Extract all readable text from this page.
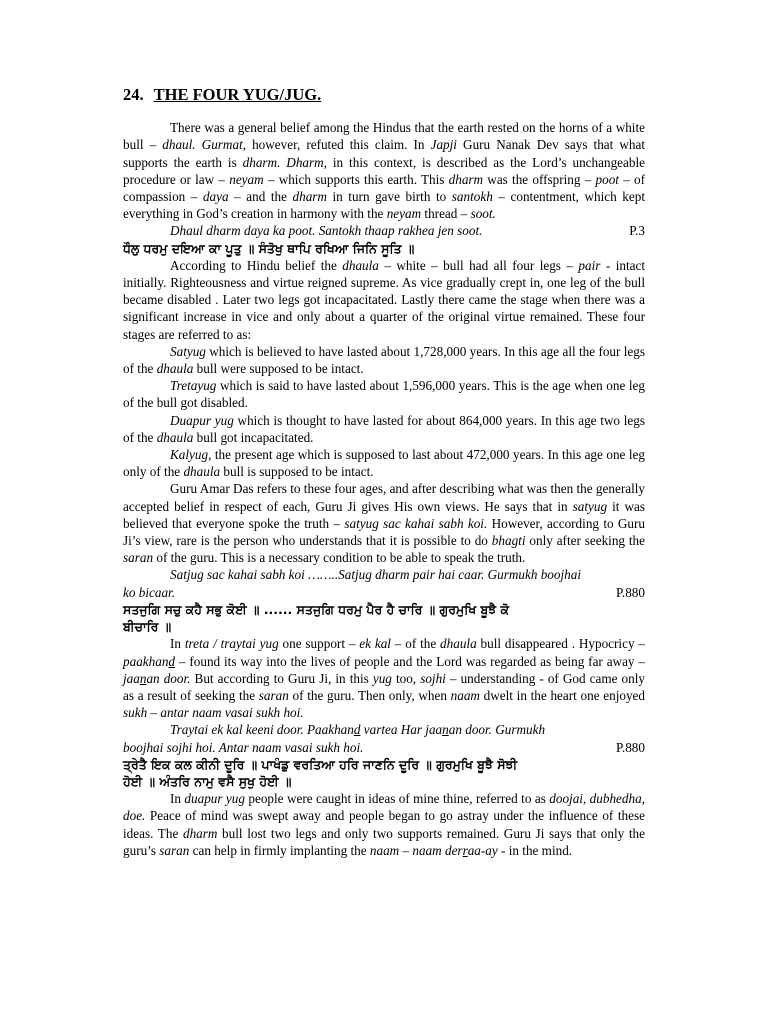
24. THE FOUR YUG/JUG.

There was a general belief among the Hindus that the earth rested on the horns of a white bull – dhaul. Gurmat, however, refuted this claim. In Japji Guru Nanak Dev says that what supports the earth is dharm. Dharm, in this context, is described as the Lord’s unchangeable procedure or law – neyam – which supports this earth. This dharm was the offspring – poot – of compassion – daya – and the dharm in turn gave birth to santokh – contentment, which kept everything in God’s creation in harmony with the neyam thread – soot.

Dhaul dharm daya ka poot. Santokh thaap rakhea jen soot.	P.3

ਧੌਲੁ ਧਰਮੁ ਦਇਆ ਕਾ ਪੂਤੁ ॥ ਸੰਤੋਖੁ ਥਾਪਿ ਰਖਿਆ ਜਿਨਿ ਸੂਤਿ ॥

According to Hindu belief the dhaula – white – bull had all four legs – pair - intact initially. Righteousness and virtue reigned supreme. As vice gradually crept in, one leg of the bull became disabled . Later two legs got incapacitated. Lastly there came the stage when there was a significant increase in vice and only about a quarter of the original virtue remained. These four stages are referred to as:

Satyug which is believed to have lasted about 1,728,000 years. In this age all the four legs of the dhaula bull were supposed to be intact.

Tretayug which is said to have lasted about 1,596,000 years. This is the age when one leg of the bull got disabled.

Duapur yug which is thought to have lasted for about 864,000 years. In this age two legs of the dhaula bull got incapacitated.

Kalyug, the present age which is supposed to last about 472,000 years. In this age one leg only of the dhaula bull is supposed to be intact.

Guru Amar Das refers to these four ages, and after describing what was then the generally accepted belief in respect of each, Guru Ji gives His own views. He says that in satyug it was believed that everyone spoke the truth – satyug sac kahai sabh koi. However, according to Guru Ji’s view, rare is the person who understands that it is possible to do bhagti only after seeking the saran of the guru. This is a necessary condition to be able to speak the truth.

Satjug sac kahai sabh koi ……..Satjug dharm pair hai caar. Gurmukh boojhai

ko bicaar.	P.880

ਸਤਜੁਗਿ ਸਚੁ ਕਹੈ ਸਭੁ ਕੋਈ ॥ ...... ਸਤਜੁਗਿ ਧਰਮੁ ਪੈਰ ਹੈ ਚਾਰਿ ॥ ਗੁਰਮੁਖਿ ਬੂਝੈ ਕੋ

ਬੀਚਾਰਿ ॥

In treta / traytai yug one support – ek kal – of the dhaula bull disappeared . Hypocricy – paakhand – found its way into the lives of people and the Lord was regarded as being far away – jaanan door. But according to Guru Ji, in this yug too, sojhi – understanding - of God came only as a result of seeking the saran of the guru. Then only, when naam dwelt in the heart one enjoyed sukh – antar naam vasai sukh hoi.

Traytai ek kal keeni door. Paakhand vartea Har jaanan door. Gurmukh

boojhai sojhi hoi. Antar naam vasai sukh hoi.	P.880

ਤ੍ਰੇਤੈ ਇਕ ਕਲ ਕੀਨੀ ਦੂਰਿ ॥ ਪਾਖੰਡੁ ਵਰਤਿਆ ਹਰਿ ਜਾਣਨਿ ਦੂਰਿ ॥ ਗੁਰਮੁਖਿ ਬੂਝੈ ਸੋਝੀ

ਹੋਈ ॥ ਅੰਤਰਿ ਨਾਮੁ ਵਸੈ ਸੁਖੁ ਹੋਈ ॥

In duapur yug people were caught in ideas of mine thine, referred to as doojai, dubhedha, doe. Peace of mind was swept away and people began to go astray under the influence of these ideas. The dharm bull lost two legs and only two supports remained. Guru Ji says that only the guru’s saran can help in firmly implanting the naam – naam derraa-ay - in the mind.
